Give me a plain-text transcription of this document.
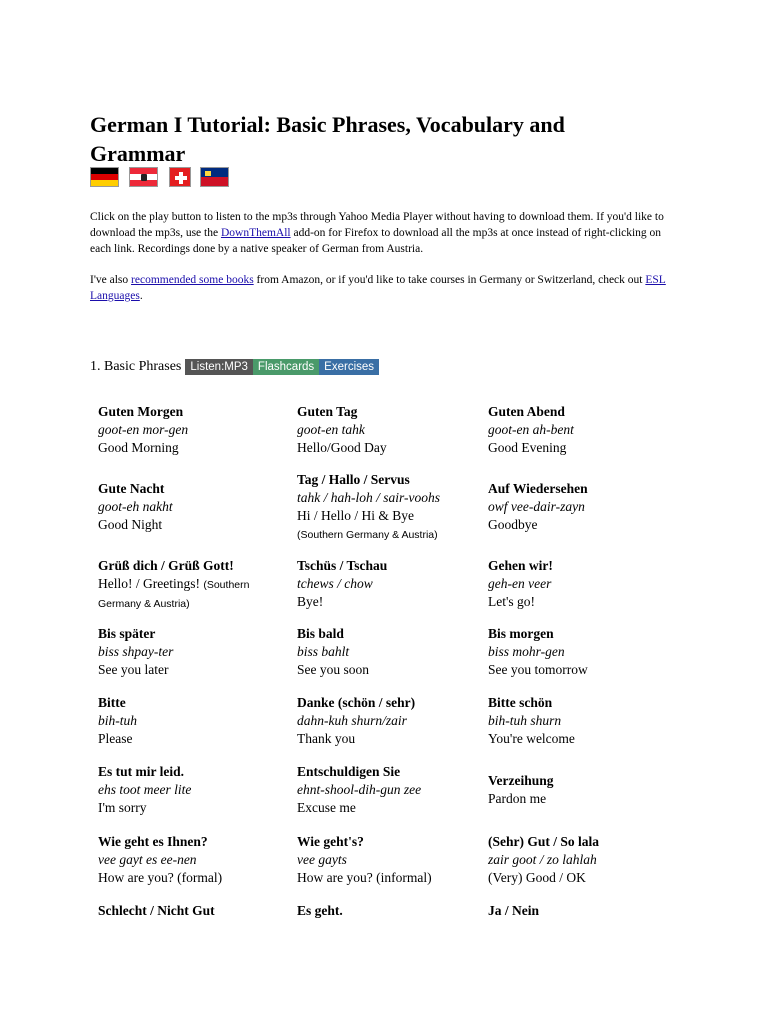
German I Tutorial: Basic Phrases, Vocabulary and Grammar

Click on the play button to listen to the mp3s through Yahoo Media Player without having to download them. If you'd like to download the mp3s, use the DownThemAll add-on for Firefox to download all the mp3s at once instead of right-clicking on each link. Recordings done by a native speaker of German from Austria.

I've also recommended some books from Amazon, or if you'd like to take courses in Germany or Switzerland, check out ESL Languages.

1. Basic Phrases Listen:MP3 Flashcards Exercises
Guten Morgen
goot-en mor-gen
Good Morning
Guten Tag
goot-en tahk
Hello/Good Day
Guten Abend
goot-en ah-bent
Good Evening
Gute Nacht
goot-eh nakht
Good Night
Tag / Hallo / Servus
tahk / hah-loh / sair-voohs
Hi / Hello / Hi & Bye
(Southern Germany & Austria)
Auf Wiedersehen
owf vee-dair-zayn
Goodbye
Grüß dich / Grüß Gott!
Hello! / Greetings! (Southern Germany & Austria)
Tschüs / Tschau
tchews / chow
Bye!
Gehen wir!
geh-en veer
Let's go!
Bis später
biss shpay-ter
See you later
Bis bald
biss bahlt
See you soon
Bis morgen
biss mohr-gen
See you tomorrow
Bitte
bih-tuh
Please
Danke (schön / sehr)
dahn-kuh shurn/zair
Thank you
Bitte schön
bih-tuh shurn
You're welcome
Es tut mir leid.
ehs toot meer lite
I'm sorry
Entschuldigen Sie
ehnt-shool-dih-gun zee
Excuse me
Verzeihung
Pardon me
Wie geht es Ihnen?
vee gayt es ee-nen
How are you? (formal)
Wie geht's?
vee gayts
How are you? (informal)
(Sehr) Gut / So lala
zair goot / zo lahlah
(Very) Good / OK
Schlecht / Nicht Gut	Es geht.	Ja / Nein
